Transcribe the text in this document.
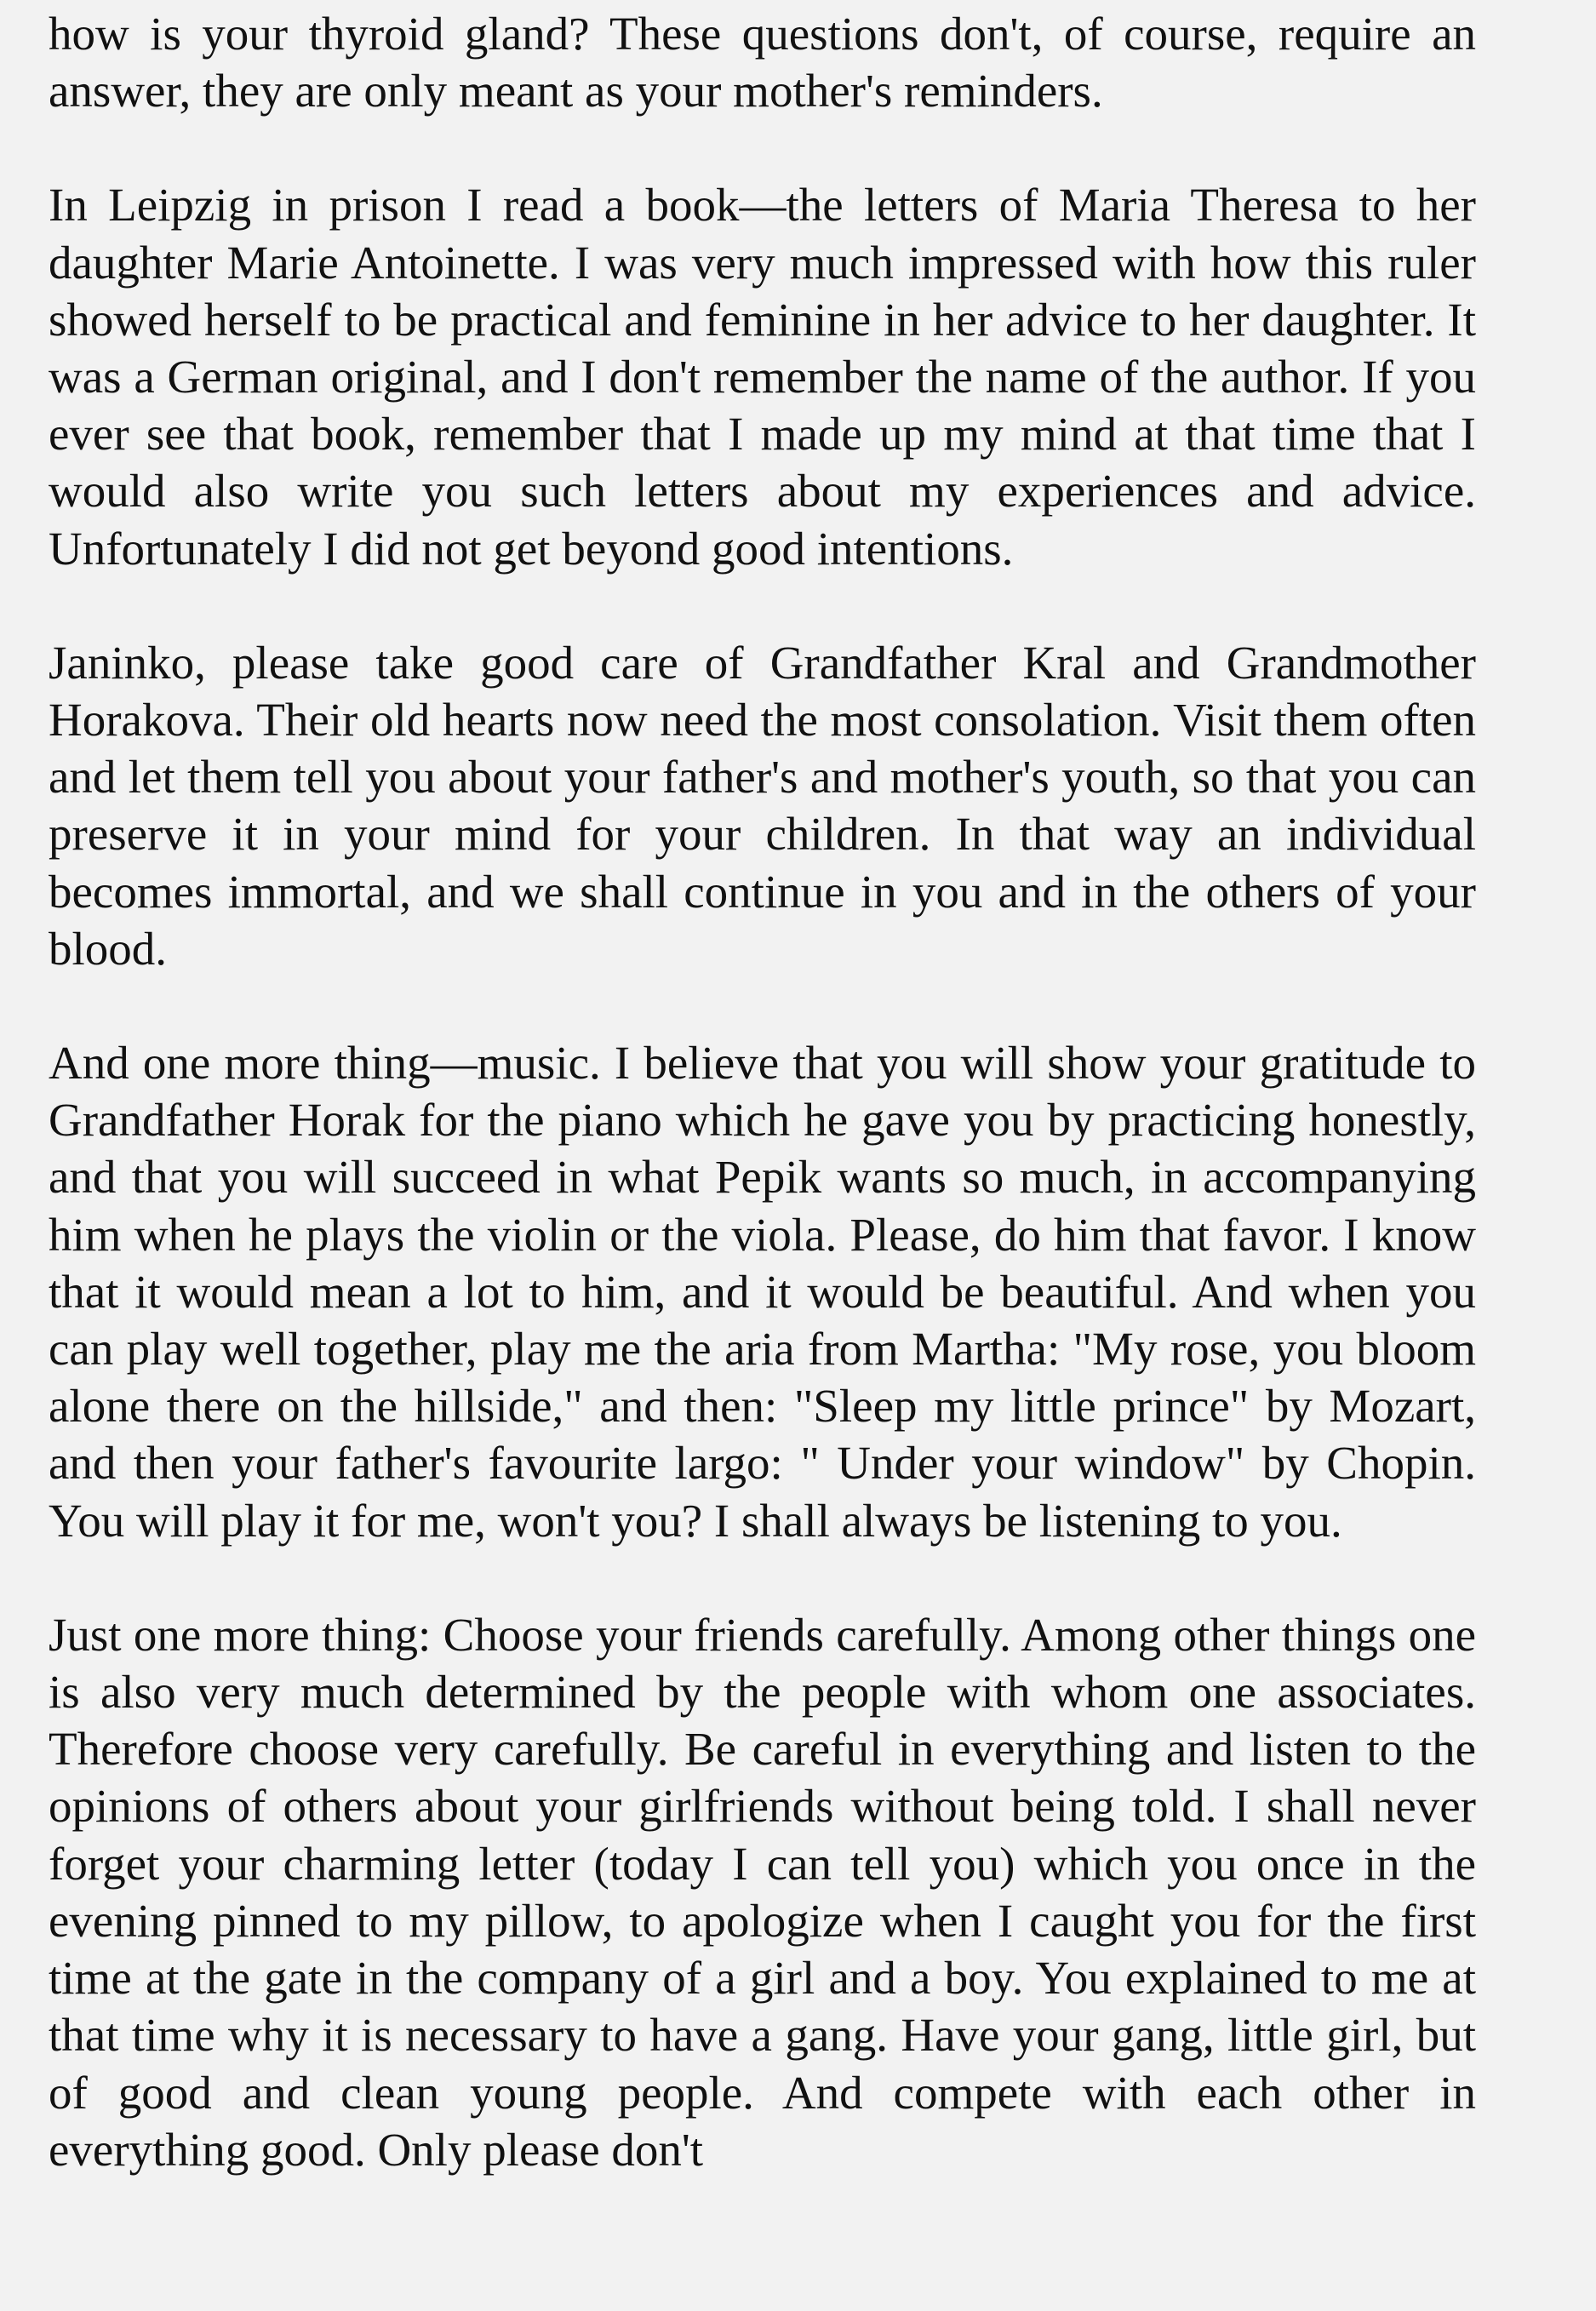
how is your thyroid gland? These questions don't, of course, require an answer, they are only meant as your mother's reminders.

In Leipzig in prison I read a book—the letters of Maria Theresa to her daughter Marie Antoinette. I was very much impressed with how this ruler showed herself to be practical and feminine in her advice to her daughter. It was a German original, and I don't remember the name of the author. If you ever see that book, remember that I made up my mind at that time that I would also write you such letters about my experiences and advice. Unfortunately I did not get beyond good intentions.

Janinko, please take good care of Grandfather Kral and Grandmother Horakova. Their old hearts now need the most consolation. Visit them often and let them tell you about your father's and mother's youth, so that you can preserve it in your mind for your children. In that way an individual becomes immortal, and we shall continue in you and in the others of your blood.

And one more thing—music. I believe that you will show your gratitude to Grandfather Horak for the piano which he gave you by practicing honestly, and that you will succeed in what Pepik wants so much, in accompanying him when he plays the violin or the viola. Please, do him that favor. I know that it would mean a lot to him, and it would be beautiful. And when you can play well together, play me the aria from Martha: "My rose, you bloom alone there on the hillside," and then: "Sleep my little prince" by Mozart, and then your father's favourite largo: " Under your window" by Chopin. You will play it for me, won't you? I shall always be listening to you.

Just one more thing: Choose your friends carefully. Among other things one is also very much determined by the people with whom one associates. Therefore choose very carefully. Be careful in everything and listen to the opinions of others about your girlfriends without being told. I shall never forget your charming letter (today I can tell you) which you once in the evening pinned to my pillow, to apologize when I caught you for the first time at the gate in the company of a girl and a boy. You explained to me at that time why it is necessary to have a gang. Have your gang, little girl, but of good and clean young people. And compete with each other in everything good. Only please don't
